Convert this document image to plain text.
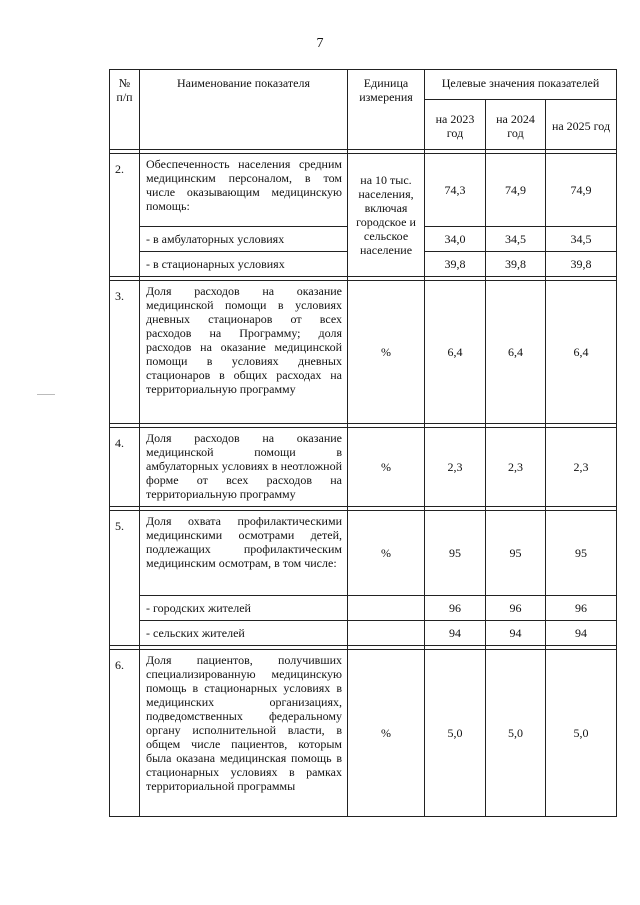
7
№
п/п	Наименование показателя	Единица измерения	Целевые значения показателей		
			на 2023 год	на 2024 год	на 2025 год

2.	Обеспеченность населения средним медицинским персоналом, в том числе оказывающим медицинскую помощь:	на 10 тыс. населения, включая городское и сельское население	74,3	74,9	74,9
	- в амбулаторных условиях		34,0	34,5	34,5
	- в стационарных условиях		39,8	39,8	39,8

3.	Доля расходов на оказание медицинской помощи в условиях дневных стационаров от всех расходов на Программу; доля расходов на оказание медицинской помощи в условиях дневных стационаров в общих расходах на территориальную программу	%	6,4	6,4	6,4

4.	Доля расходов на оказание медицинской помощи в амбулаторных условиях в неотложной форме от всех расходов на территориальную программу	%	2,3	2,3	2,3

5.	Доля охвата профилактическими медицинскими осмотрами детей, подлежащих профилактическим медицинским осмотрам, в том числе:	%	95	95	95
	- городских жителей		96	96	96
	- сельских жителей		94	94	94

6.	Доля пациентов, получивших специализированную медицинскую помощь в стационарных условиях в медицинских организациях, подведомственных федеральному органу исполнительной власти, в общем числе пациентов, которым была оказана медицинская помощь в стационарных условиях в рамках территориальной программы	%	5,0	5,0	5,0
